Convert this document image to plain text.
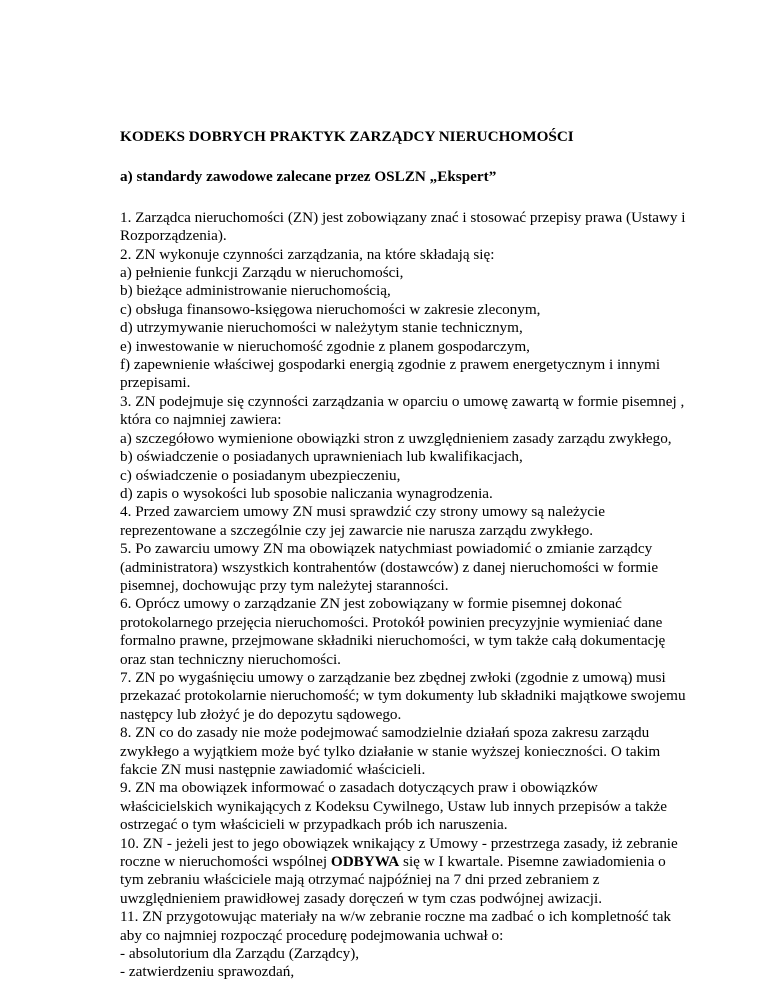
KODEKS DOBRYCH PRAKTYK ZARZĄDCY NIERUCHOMOŚCI

a) standardy zawodowe zalecane przez OSLZN „Ekspert”

1. Zarządca nieruchomości (ZN) jest zobowiązany znać i stosować przepisy prawa (Ustawy i
Rozporządzenia).
2. ZN wykonuje czynności zarządzania, na które składają się:
a) pełnienie funkcji Zarządu w nieruchomości,
b) bieżące administrowanie nieruchomością,
c) obsługa finansowo-księgowa nieruchomości w zakresie zleconym,
d) utrzymywanie nieruchomości w należytym stanie technicznym,
e) inwestowanie w nieruchomość zgodnie z planem gospodarczym,
f) zapewnienie właściwej gospodarki energią zgodnie z prawem energetycznym i innymi
przepisami.
3. ZN podejmuje się czynności zarządzania w oparciu o umowę zawartą w formie pisemnej ,
która co najmniej zawiera:
a) szczegółowo wymienione obowiązki stron z uwzględnieniem zasady zarządu zwykłego,
b) oświadczenie o posiadanych uprawnieniach lub kwalifikacjach,
c) oświadczenie o posiadanym ubezpieczeniu,
d) zapis o wysokości lub sposobie naliczania wynagrodzenia.
4. Przed zawarciem umowy ZN musi sprawdzić czy strony umowy są należycie
reprezentowane a szczególnie czy jej zawarcie nie narusza zarządu zwykłego.
5. Po zawarciu umowy ZN ma obowiązek natychmiast powiadomić o zmianie zarządcy
(administratora) wszystkich kontrahentów (dostawców) z danej nieruchomości w formie
pisemnej, dochowując przy tym należytej staranności.
6. Oprócz umowy o zarządzanie ZN jest zobowiązany w formie pisemnej dokonać
protokolarnego przejęcia nieruchomości. Protokół powinien precyzyjnie wymieniać dane
formalno prawne, przejmowane składniki nieruchomości, w tym także całą dokumentację
oraz stan techniczny nieruchomości.
7. ZN po wygaśnięciu umowy o zarządzanie bez zbędnej zwłoki (zgodnie z umową) musi
przekazać protokolarnie nieruchomość; w tym dokumenty lub składniki majątkowe swojemu
następcy lub złożyć je do depozytu sądowego.
8. ZN co do zasady nie może podejmować samodzielnie działań spoza zakresu zarządu
zwykłego a wyjątkiem może być tylko działanie w stanie wyższej konieczności. O takim
fakcie ZN musi następnie zawiadomić właścicieli.
9. ZN ma obowiązek informować o zasadach dotyczących praw i obowiązków
właścicielskich wynikających z Kodeksu Cywilnego, Ustaw lub innych przepisów a także
ostrzegać o tym właścicieli w przypadkach prób ich naruszenia.
10. ZN - jeżeli jest to jego obowiązek wnikający z Umowy - przestrzega zasady, iż zebranie
roczne w nieruchomości wspólnej ODBYWA się w I kwartale. Pisemne zawiadomienia o
tym zebraniu właściciele mają otrzymać najpóźniej na 7 dni przed zebraniem z
uwzględnieniem prawidłowej zasady doręczeń w tym czas podwójnej awizacji.
11. ZN przygotowując materiały na w/w zebranie roczne ma zadbać o ich kompletność tak
aby co najmniej rozpocząć procedurę podejmowania uchwał o:
- absolutorium dla Zarządu (Zarządcy),
- zatwierdzeniu sprawozdań,
